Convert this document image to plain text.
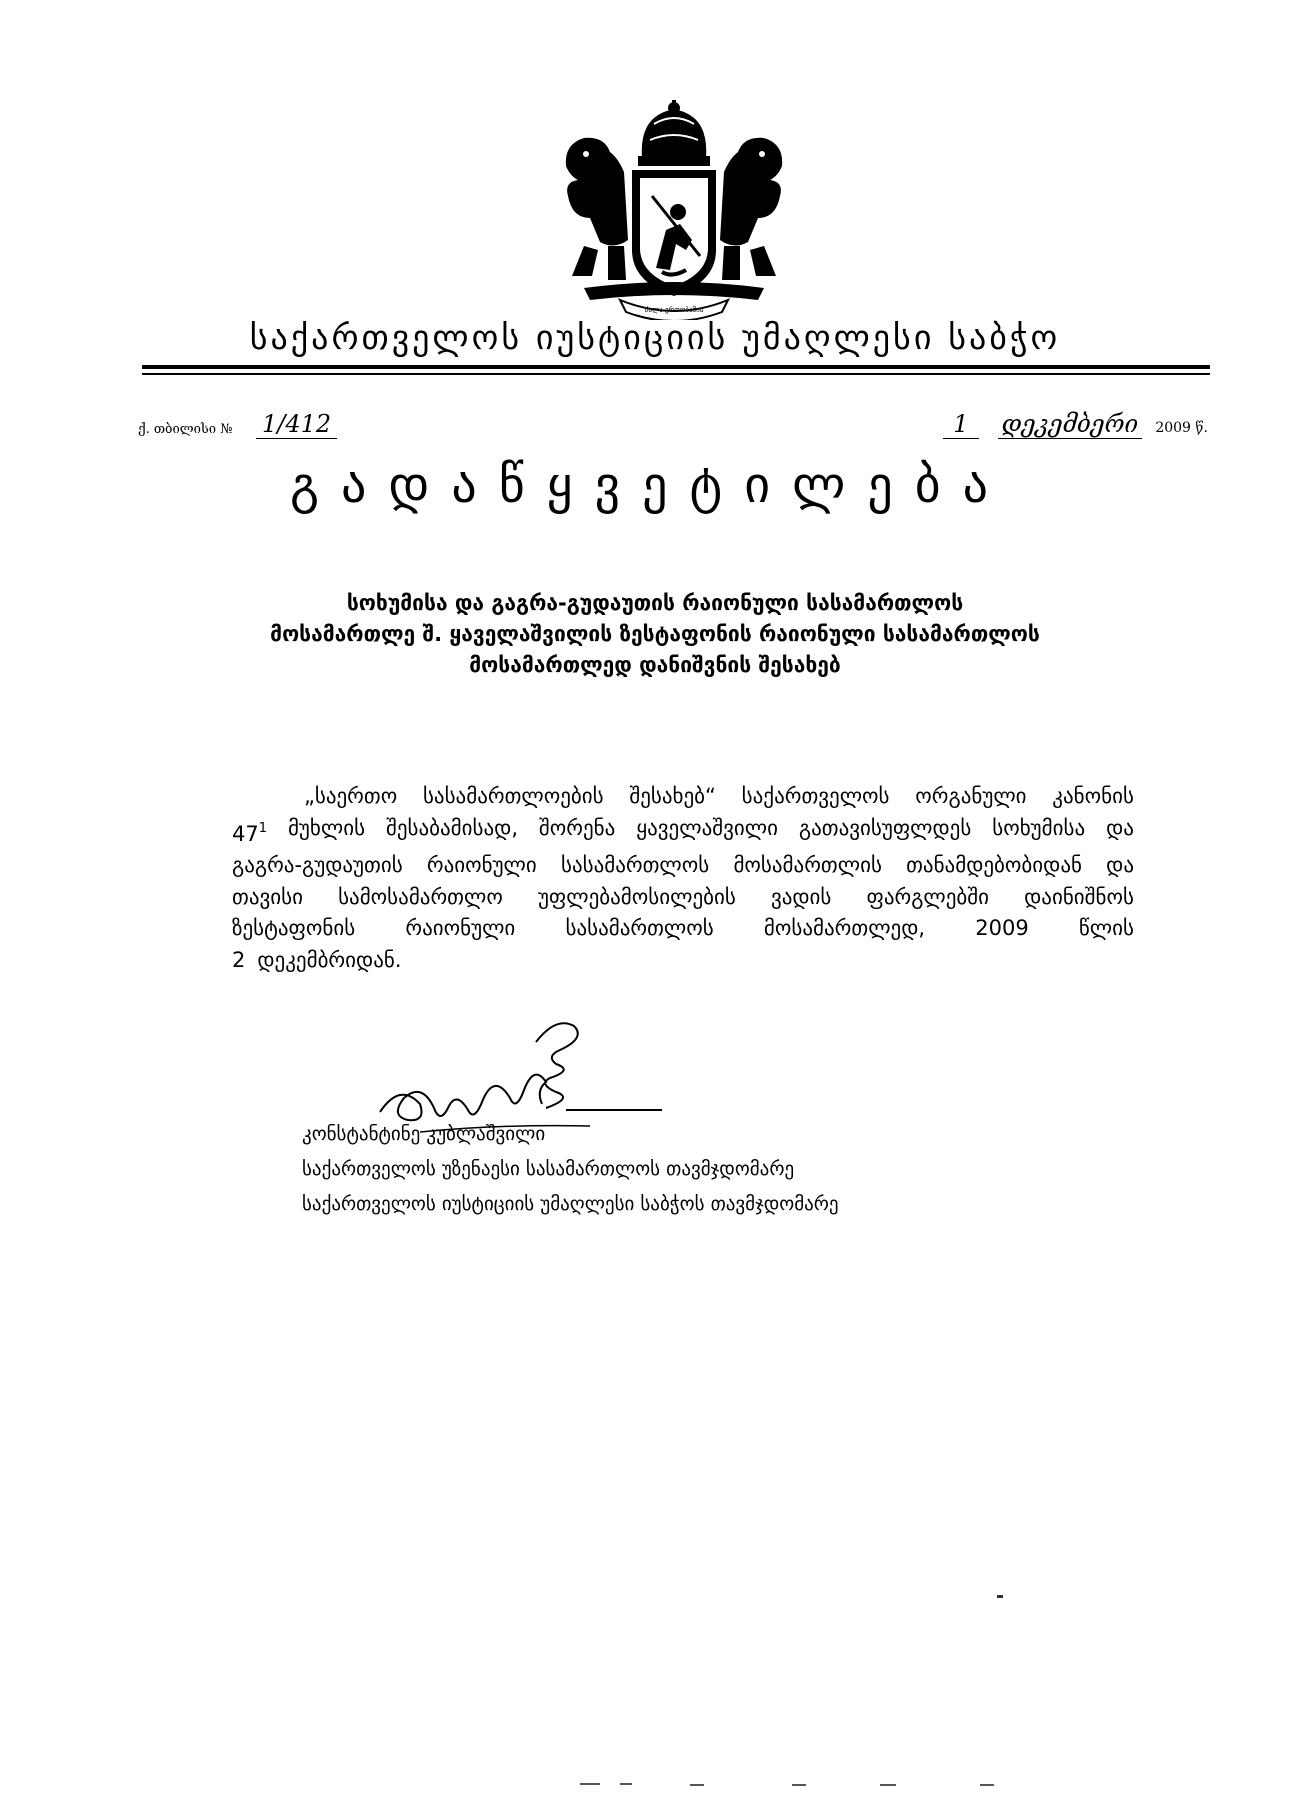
ძალა ერთობაშია
საქართველოს იუსტიციის უმაღლესი საბჭო
ქ. თბილისი № 1/412	1 დეკემბერი 2009 წ.
გადაწყვეტილება
სოხუმისა და გაგრა-გუდაუთის რაიონული სასამართლოს
მოსამართლე შ. ყაველაშვილის ზესტაფონის რაიონული სასამართლოს
მოსამართლედ დანიშვნის შესახებ
„საერთო სასამართლოების შესახებ“ საქართველოს ორგანული კანონის
$47^1$ მუხლის შესაბამისად, შორენა ყაველაშვილი გათავისუფლდეს სოხუმისა და
გაგრა-გუდაუთის რაიონული სასამართლოს მოსამართლის თანამდებობიდან და
თავისი სამოსამართლო უფლებამოსილების ვადის ფარგლებში დაინიშნოს
ზესტაფონის რაიონული სასამართლოს მოსამართლედ, 2009 წლის
2 დეკემბრიდან.
კონსტანტინე კუბლაშვილი
საქართველოს უზენაესი სასამართლოს თავმჯდომარე
საქართველოს იუსტიციის უმაღლესი საბჭოს თავმჯდომარე
